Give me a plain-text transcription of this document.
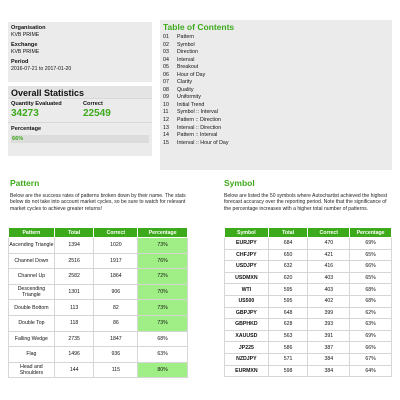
Organisation
KVB PRIME
Exchange
KVB PRIME
Period
2016-07-21 to 2017-01-20
Overall Statistics
Quantity Evaluated
34273
Correct
22549
Percentage
66%
Table of Contents
01	Pattern
02	Symbol
03	Direction
04	Interval
05	Breakout
06	Hour of Day
07	Clarity
08	Quality
09	Uniformity
10	Initial Trend
11	Symbol :: Interval
12	Pattern :: Direction
13	Interval :: Direction
14	Pattern :: Interval
15	Interval :: Hour of Day
Pattern
Below are the success rates of patterns broken down by their name. The stats below do not take into account market cycles, so be sure to watch for relevant market cycles to achieve greater returns!
Symbol
Below are listed the 50 symbols where Autochartist achieved the highest forecast accuracy over the reporting period. Note that the significance of the percentage increases with a higher total number of patterns.
Pattern	Total	Correct	Percentage
Ascending Triangle	1394	1020	73%
Channel Down	2516	1917	76%
Channel Up	2582	1864	72%
Descending Triangle	1301	906	70%
Double Bottom	113	82	73%
Double Top	118	86	73%
Falling Wedge	2735	1847	68%
Flag	1496	936	63%
Head and Shoulders	144	115	80%
Symbol	Total	Correct	Percentage
EURJPY	684	470	69%
CHFJPY	650	421	65%
USDJPY	632	416	66%
USDMXN	620	403	65%
WTI	595	403	68%
US500	595	402	68%
GBPJPY	648	399	62%
GBPHKD	628	393	63%
XAUUSD	563	391	69%
JP225	586	387	66%
NZDJPY	571	384	67%
EURMXN	598	384	64%
